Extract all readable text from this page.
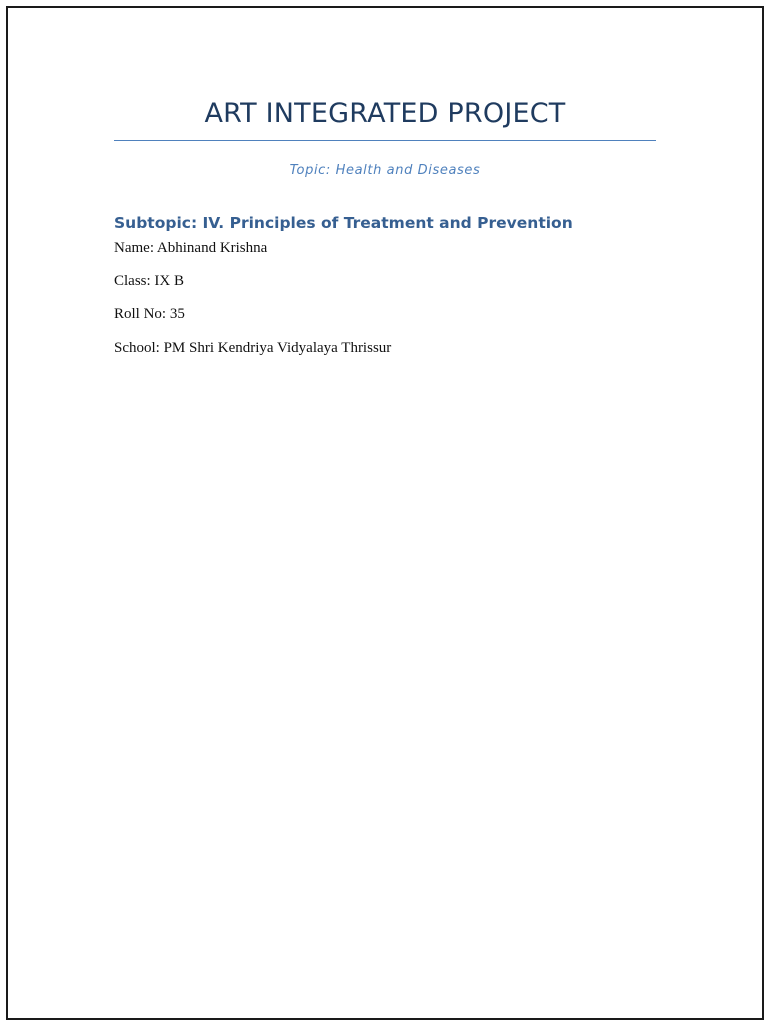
ART INTEGRATED PROJECT
Topic: Health and Diseases
Subtopic: IV. Principles of Treatment and Prevention
Name: Abhinand Krishna
Class: IX B
Roll No: 35
School: PM Shri Kendriya Vidyalaya Thrissur
